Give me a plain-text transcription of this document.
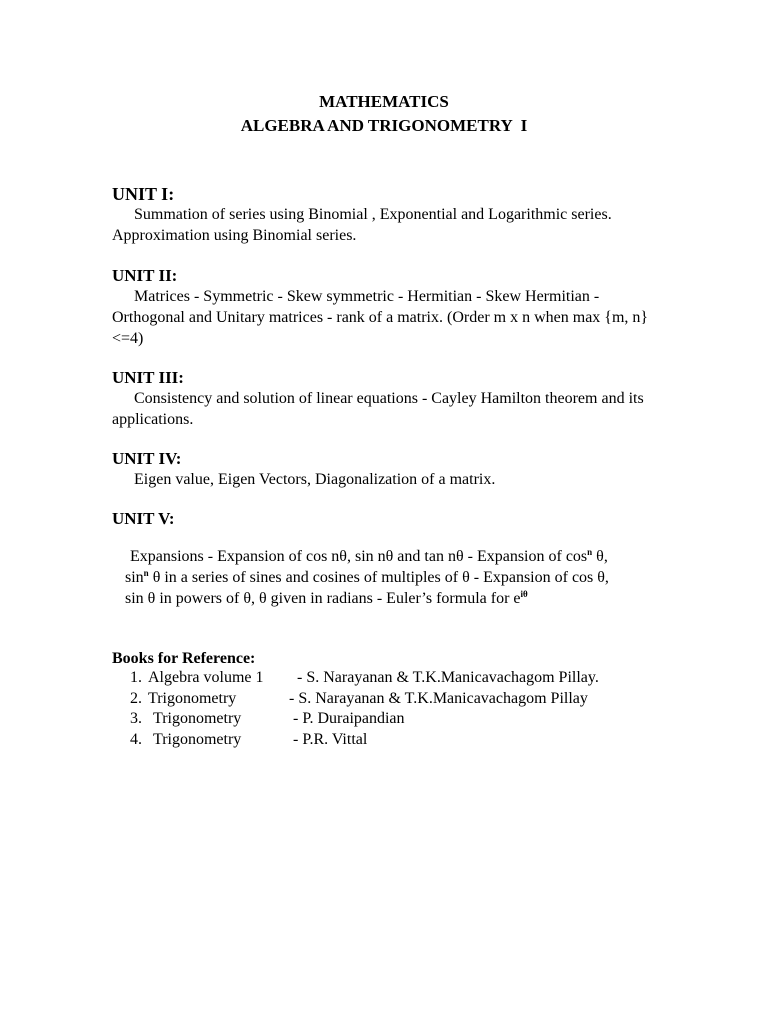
MATHEMATICS
ALGEBRA AND TRIGONOMETRY  I

UNIT I:

Summation of series using Binomial , Exponential and Logarithmic series. Approximation using Binomial series.

UNIT II:

Matrices - Symmetric - Skew symmetric - Hermitian - Skew Hermitian -Orthogonal and Unitary matrices - rank of a matrix. (Order m x n when max {m, n} <=4)

UNIT III:

Consistency and solution of linear equations - Cayley Hamilton theorem and its applications.

UNIT IV:

Eigen value, Eigen Vectors, Diagonalization of a matrix.

UNIT V:

Expansions - Expansion of cos nθ, sin nθ and tan nθ - Expansion of $\cos^n \theta$,
$\sin^n \theta$ in a series of sines and cosines of multiples of θ - Expansion of cos θ,
sin θ in powers of θ, θ given in radians - Euler’s formula for $e^{i\theta}$

Books for Reference:

1. Algebra volume 1 - S. Narayanan & T.K.Manicavachagom Pillay.
2. Trigonometry	- S. Narayanan & T.K.Manicavachagom Pillay
3. Trigonometry	- P. Duraipandian
4. Trigonometry	- P.R. Vittal
